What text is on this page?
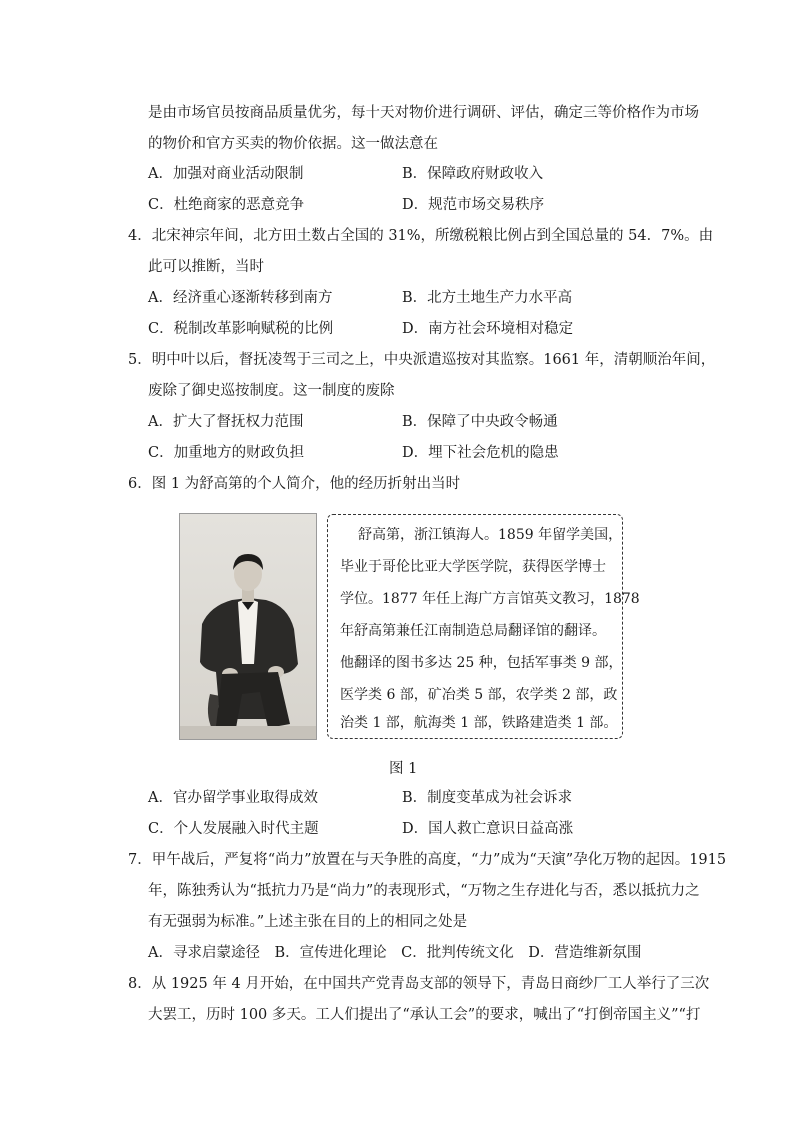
是由市场官员按商品质量优劣，每十天对物价进行调研、评估，确定三等价格作为市场
的物价和官方买卖的物价依据。这一做法意在
A．加强对商业活动限制	B．保障政府财政收入
C．杜绝商家的恶意竞争	D．规范市场交易秩序
4．北宋神宗年间，北方田土数占全国的 31%，所缴税粮比例占到全国总量的 54．7%。由
此可以推断，当时
A．经济重心逐渐转移到南方	B．北方土地生产力水平高
C．税制改革影响赋税的比例	D．南方社会环境相对稳定
5．明中叶以后，督抚凌驾于三司之上，中央派遣巡按对其监察。1661 年，清朝顺治年间，
废除了御史巡按制度。这一制度的废除
A．扩大了督抚权力范围	B．保障了中央政令畅通
C．加重地方的财政负担	D．埋下社会危机的隐患
6．图 1 为舒高第的个人简介，他的经历折射出当时
舒高第，浙江镇海人。1859 年留学美国，
毕业于哥伦比亚大学医学院，获得医学博士
学位。1877 年任上海广方言馆英文教习，1878
年舒高第兼任江南制造总局翻译馆的翻译。
他翻译的图书多达 25 种，包括军事类 9 部，
医学类 6 部，矿冶类 5 部，农学类 2 部，政
治类 1 部，航海类 1 部，铁路建造类 1 部。
图 1
A．官办留学事业取得成效	B．制度变革成为社会诉求
C．个人发展融入时代主题	D．国人救亡意识日益高涨
7．甲午战后，严复将“尚力”放置在与天争胜的高度，“力”成为“天演”孕化万物的起因。1915
年，陈独秀认为“抵抗力乃是“尚力”的表现形式，“万物之生存进化与否，悉以抵抗力之
有无强弱为标准。”上述主张在目的上的相同之处是
A．寻求启蒙途径　B．宣传进化理论　C．批判传统文化　D．营造维新氛围
8．从 1925 年 4 月开始，在中国共产党青岛支部的领导下，青岛日商纱厂工人举行了三次
大罢工，历时 100 多天。工人们提出了“承认工会”的要求，喊出了“打倒帝国主义”“打
